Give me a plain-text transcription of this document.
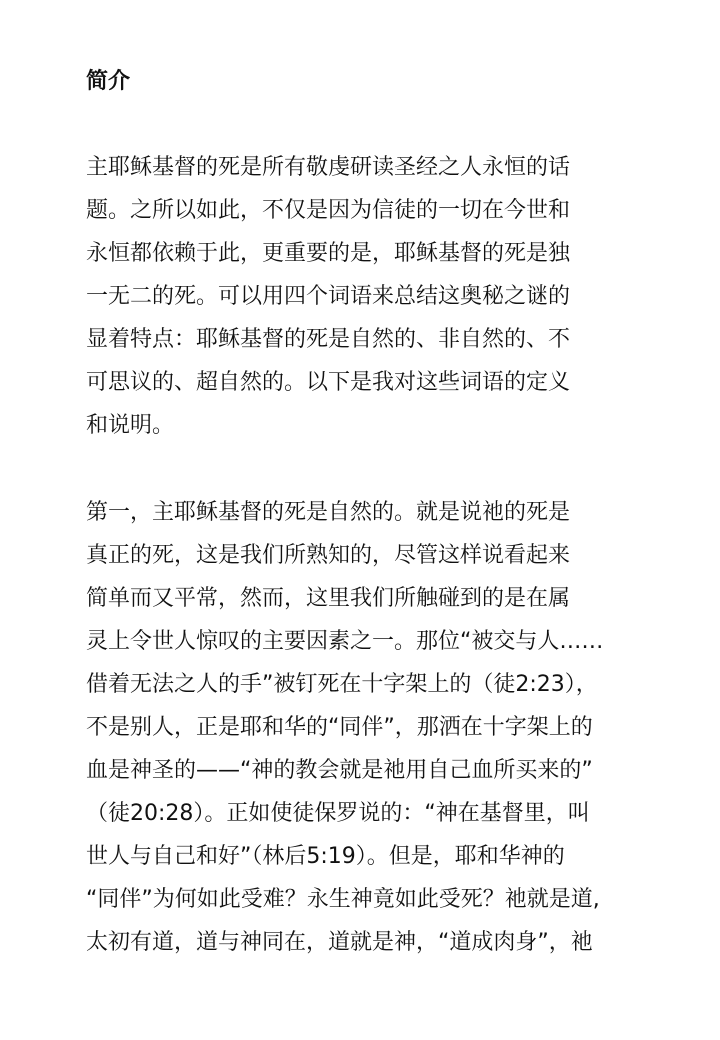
简介
主耶稣基督的死是所有敬虔研读圣经之人永恒的话
题。之所以如此，不仅是因为信徒的一切在今世和
永恒都依赖于此，更重要的是，耶稣基督的死是独
一无二的死。可以用四个词语来总结这奥秘之谜的
显着特点：耶稣基督的死是自然的、非自然的、不
可思议的、超自然的。以下是我对这些词语的定义
和说明。
第一，主耶稣基督的死是自然的。就是说祂的死是
真正的死，这是我们所熟知的，尽管这样说看起来
简单而又平常，然而，这里我们所触碰到的是在属
灵上令世人惊叹的主要因素之一。那位“被交与人……
借着无法之人的手”被钉死在十字架上的（徒2:23），
不是别人，正是耶和华的“同伴”，那洒在十字架上的
血是神圣的——“神的教会就是祂用自己血所买来的”
（徒20:28）。正如使徒保罗说的：“神在基督里，叫
世人与自己和好”（林后5:19）。但是，耶和华神的
“同伴”为何如此受难？永生神竟如此受死？祂就是道,
太初有道，道与神同在，道就是神，“道成肉身”，祂
